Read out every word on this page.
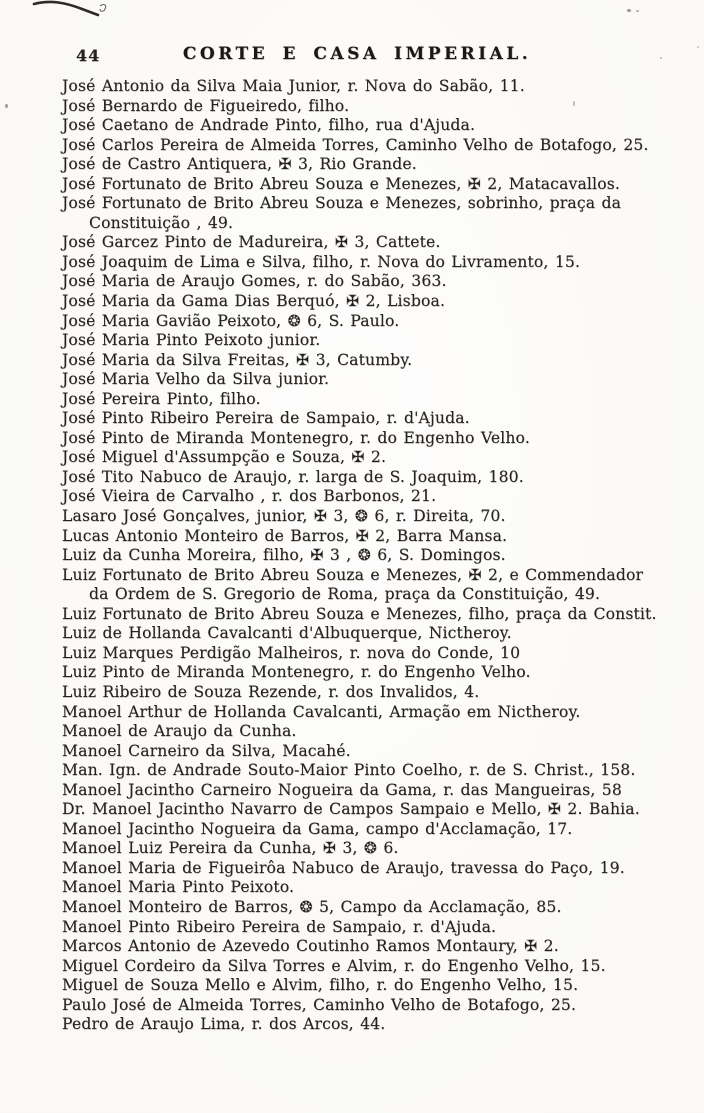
44	CORTE E CASA IMPERIAL.
José Antonio da Silva Maia Junior, r. Nova do Sabão, 11.
José Bernardo de Figueiredo, filho.
José Caetano de Andrade Pinto, filho, rua d'Ajuda.
José Carlos Pereira de Almeida Torres, Caminho Velho de Botafogo, 25.
José de Castro Antiquera, ✠ 3, Rio Grande.
José Fortunato de Brito Abreu Souza e Menezes, ✠ 2, Matacavallos.
José Fortunato de Brito Abreu Souza e Menezes, sobrinho, praça da
Constituição , 49.
José Garcez Pinto de Madureira, ✠ 3, Cattete.
José Joaquim de Lima e Silva, filho, r. Nova do Livramento, 15.
José Maria de Araujo Gomes, r. do Sabão, 363.
José Maria da Gama Dias Berquó, ✠ 2, Lisboa.
José Maria Gavião Peixoto, ❂ 6, S. Paulo.
José Maria Pinto Peixoto junior.
José Maria da Silva Freitas, ✠ 3, Catumby.
José Maria Velho da Silva junior.
José Pereira Pinto, filho.
José Pinto Ribeiro Pereira de Sampaio, r. d'Ajuda.
José Pinto de Miranda Montenegro, r. do Engenho Velho.
José Miguel d'Assumpção e Souza, ✠ 2.
José Tito Nabuco de Araujo, r. larga de S. Joaquim, 180.
José Vieira de Carvalho , r. dos Barbonos, 21.
Lasaro José Gonçalves, junior, ✠ 3, ❂ 6, r. Direita, 70.
Lucas Antonio Monteiro de Barros, ✠ 2, Barra Mansa.
Luiz da Cunha Moreira, filho, ✠ 3 , ❂ 6, S. Domingos.
Luiz Fortunato de Brito Abreu Souza e Menezes, ✠ 2, e Commendador
da Ordem de S. Gregorio de Roma, praça da Constituição, 49.
Luiz Fortunato de Brito Abreu Souza e Menezes, filho, praça da Constit.
Luiz de Hollanda Cavalcanti d'Albuquerque, Nictheroy.
Luiz Marques Perdigão Malheiros, r. nova do Conde, 10
Luiz Pinto de Miranda Montenegro, r. do Engenho Velho.
Luiz Ribeiro de Souza Rezende, r. dos Invalidos, 4.
Manoel Arthur de Hollanda Cavalcanti, Armação em Nictheroy.
Manoel de Araujo da Cunha.
Manoel Carneiro da Silva, Macahé.
Man. Ign. de Andrade Souto-Maior Pinto Coelho, r. de S. Christ., 158.
Manoel Jacintho Carneiro Nogueira da Gama, r. das Mangueiras, 58
Dr. Manoel Jacintho Navarro de Campos Sampaio e Mello, ✠ 2. Bahia.
Manoel Jacintho Nogueira da Gama, campo d'Acclamação, 17.
Manoel Luiz Pereira da Cunha, ✠ 3, ❂ 6.
Manoel Maria de Figueirôa Nabuco de Araujo, travessa do Paço, 19.
Manoel Maria Pinto Peixoto.
Manoel Monteiro de Barros, ❂ 5, Campo da Acclamação, 85.
Manoel Pinto Ribeiro Pereira de Sampaio, r. d'Ajuda.
Marcos Antonio de Azevedo Coutinho Ramos Montaury, ✠ 2.
Miguel Cordeiro da Silva Torres e Alvim, r. do Engenho Velho, 15.
Miguel de Souza Mello e Alvim, filho, r. do Engenho Velho, 15.
Paulo José de Almeida Torres, Caminho Velho de Botafogo, 25.
Pedro de Araujo Lima, r. dos Arcos, 44.
